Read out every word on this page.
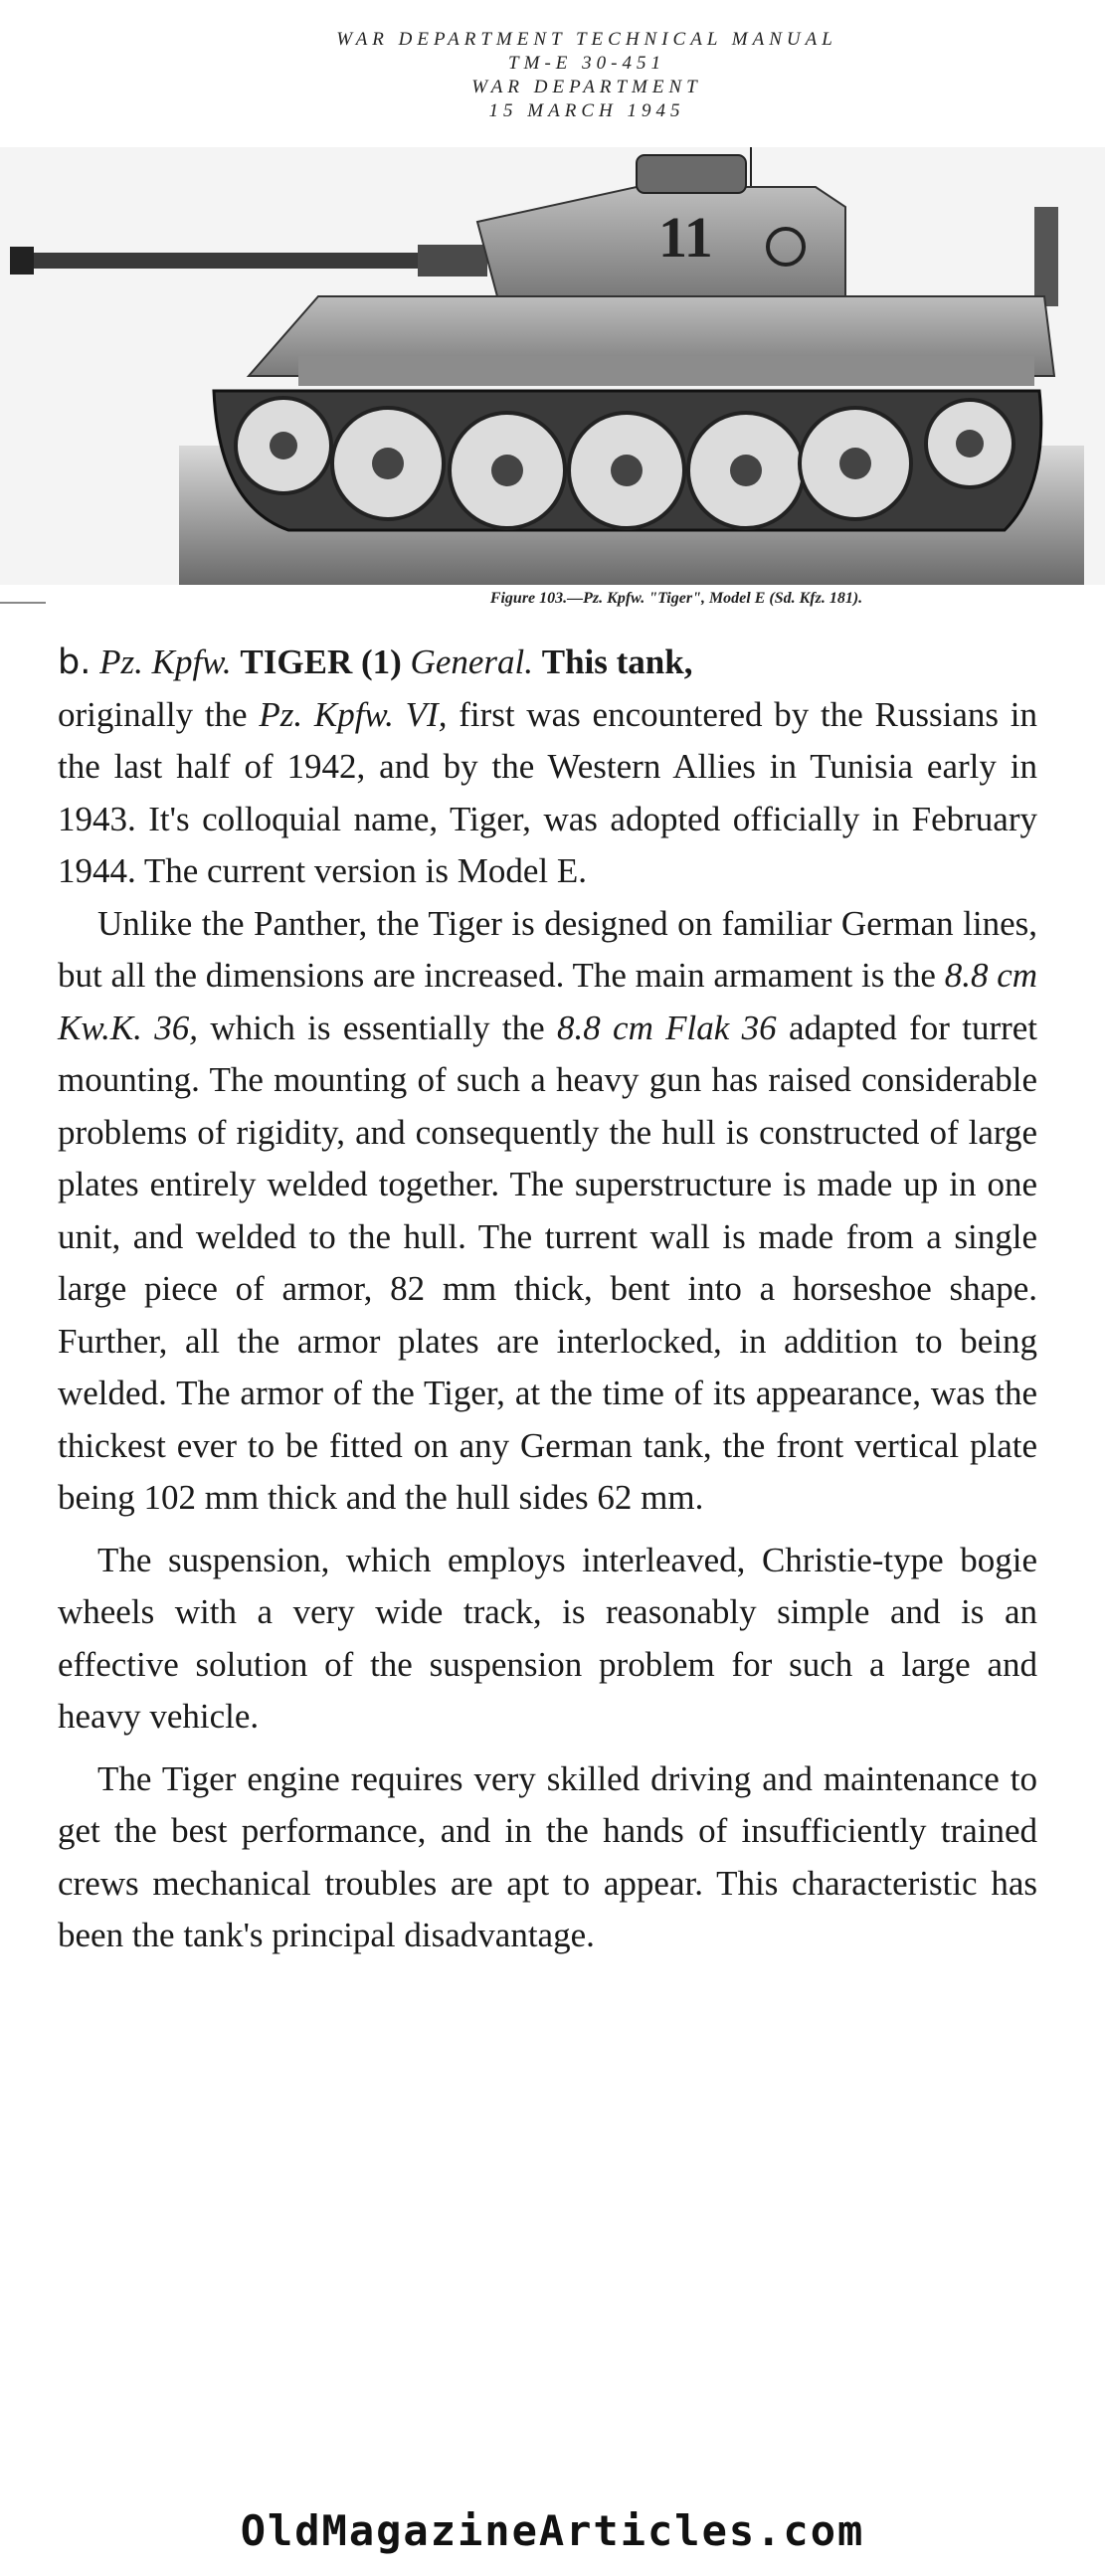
WAR DEPARTMENT TECHNICAL MANUAL
TM-E 30-451
WAR DEPARTMENT
15 MARCH 1945
11
Figure 103.—Pz. Kpfw. "Tiger", Model E (Sd. Kfz. 181).

b. Pz. Kpfw. TIGER (1) General. This tank,
originally the Pz. Kpfw. VI, first was encountered by the Russians in the last half of 1942, and by the Western Allies in Tunisia early in 1943. It's colloquial name, Tiger, was adopted officially in February 1944. The current version is Model E.

Unlike the Panther, the Tiger is designed on familiar German lines, but all the dimensions are increased. The main armament is the 8.8 cm Kw.K. 36, which is essentially the 8.8 cm Flak 36 adapted for turret mounting. The mounting of such a heavy gun has raised considerable problems of rigidity, and consequently the hull is constructed of large plates entirely welded together. The superstructure is made up in one unit, and welded to the hull. The turrent wall is made from a single large piece of armor, 82 mm thick, bent into a horseshoe shape. Further, all the armor plates are interlocked, in addition to being welded. The armor of the Tiger, at the time of its appearance, was the thickest ever to be fitted on any German tank, the front vertical plate being 102 mm thick and the hull sides 62 mm.

The suspension, which employs interleaved, Christie-type bogie wheels with a very wide track, is reasonably simple and is an effective solution of the suspension problem for such a large and heavy vehicle.

The Tiger engine requires very skilled driving and maintenance to get the best performance, and in the hands of insufficiently trained crews mechanical troubles are apt to appear. This characteristic has been the tank's principal disadvantage.

OldMagazineArticles.com
